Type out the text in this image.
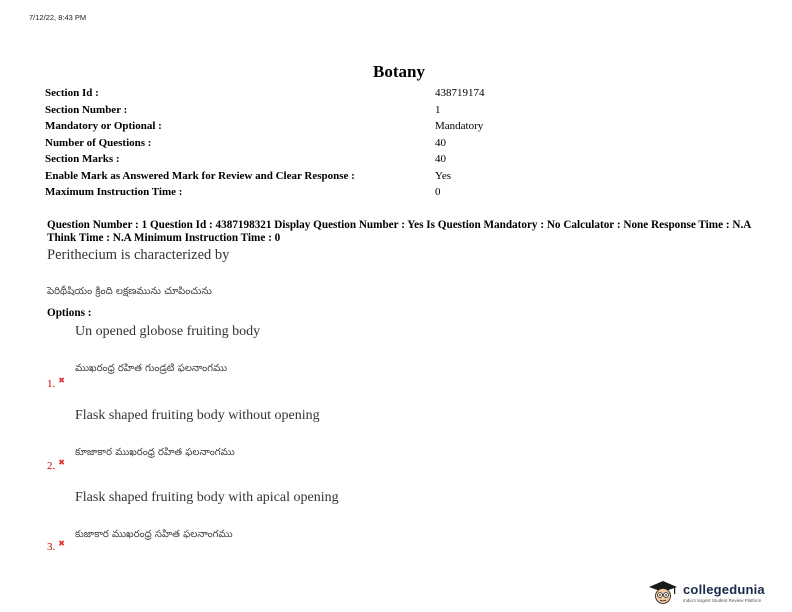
7/12/22, 8:43 PM
Botany
Section Id :	438719174
Section Number :	1
Mandatory or Optional :	Mandatory
Number of Questions :	40
Section Marks :	40
Enable Mark as Answered Mark for Review and Clear Response :	Yes
Maximum Instruction Time :	0
Question Number : 1 Question Id : 4387198321 Display Question Number : Yes Is Question Mandatory : No Calculator : None Response Time : N.A Think Time : N.A Minimum Instruction Time : 0
Perithecium is characterized by
పెరిథీషియం క్రింది లక్షణమును చూపించును
Options :
Un opened globose fruiting body
ముఖరంధ్ర రహిత గుండ్రటి ఫలనాంగము
1. ✖
Flask shaped fruiting body without opening
కూజాకార ముఖరంధ్ర రహిత ఫలనాంగము
2. ✖
Flask shaped fruiting body with apical opening
కుజాకార ముఖరంధ్ర సహిత ఫలనాంగము
3. ✖
collegedunia
India's largest Student Review Platform
